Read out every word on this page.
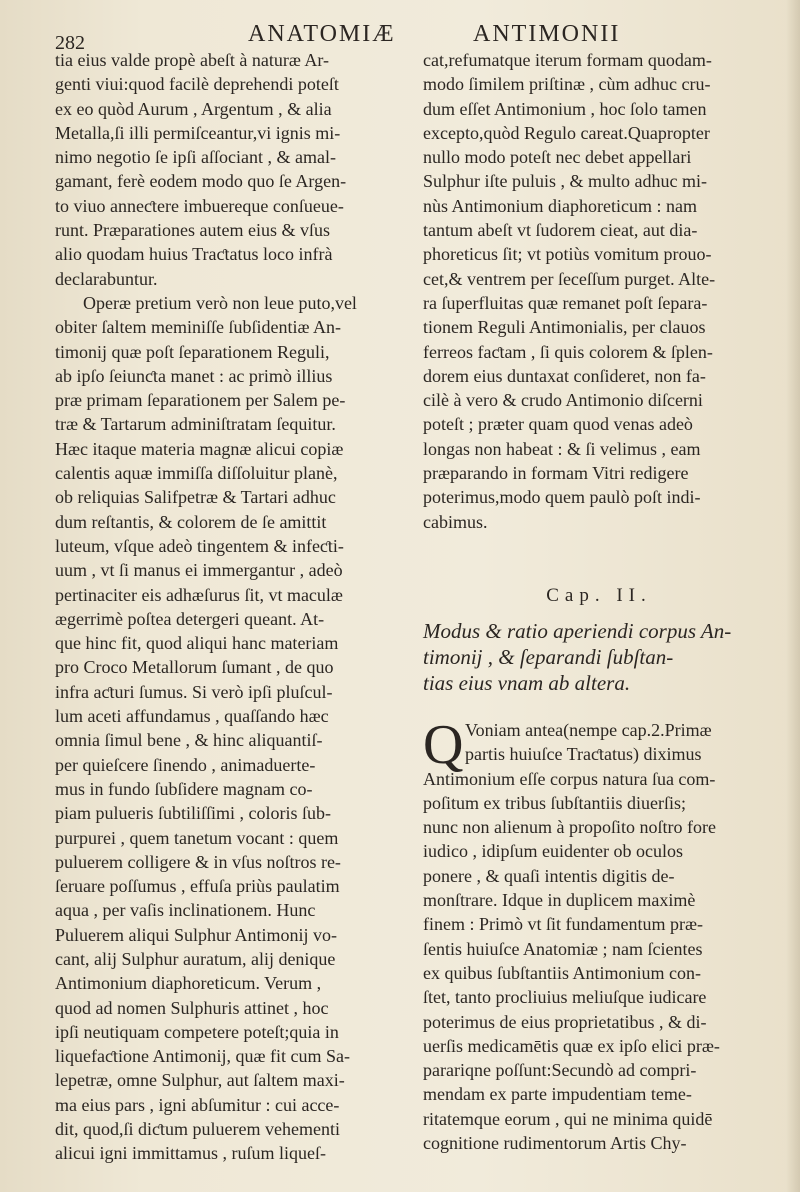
282	ANATOMIÆ	ANTIMONII
tia eius valde propè abeſt à naturæ Ar-
genti viui:quod facilè deprehendi poteſt
ex eo quòd Aurum , Argentum , & alia
Metalla,ſi illi permiſceantur,vi ignis mi-
nimo negotio ſe ipſi aſſociant , & amal-
gamant, ferè eodem modo quo ſe Argen-
to viuo anneƈtere imbuereque conſueue-
runt. Præparationes autem eius & vſus
alio quodam huius Traƈtatus loco infrà
declarabuntur.
Operæ pretium verò non leue puto,vel
obiter ſaltem meminiſſe ſubſidentiæ An-
timonij quæ poſt ſeparationem Reguli,
ab ipſo ſeiunƈta manet : ac primò illius
præ primam ſeparationem per Salem pe-
træ & Tartarum adminiſtratam ſequitur.
Hæc itaque materia magnæ alicui copiæ
calentis aquæ immiſſa diſſoluitur planè,
ob reliquias Salifpetræ & Tartari adhuc
dum reſtantis, & colorem de ſe amittit
luteum, vſque adeò tingentem & infeƈti-
uum , vt ſi manus ei immergantur , adeò
pertinaciter eis adhæſurus ſit, vt maculæ
ægerrimè poſtea detergeri queant. At-
que hinc fit, quod aliqui hanc materiam
pro Croco Metallorum ſumant , de quo
infra aƈturi ſumus. Si verò ipſi pluſcul-
lum aceti affundamus , quaſſando hæc
omnia ſimul bene , & hinc aliquantiſ-
per quieſcere ſinendo , animaduerte-
mus in fundo ſubſidere magnam co-
piam pulueris ſubtiliſſimi , coloris ſub-
purpurei , quem tanetum vocant : quem
puluerem colligere & in vſus noſtros re-
ſeruare poſſumus , effuſa priùs paulatim
aqua , per vaſis inclinationem. Hunc
Puluerem aliqui Sulphur Antimonij vo-
cant, alij Sulphur auratum, alij denique
Antimonium diaphoreticum. Verum ,
quod ad nomen Sulphuris attinet , hoc
ipſi neutiquam competere poteſt;quia in
liquefaƈtione Antimonij, quæ fit cum Sa-
lepetræ, omne Sulphur, aut ſaltem maxi-
ma eius pars , igni abſumitur : cui acce-
dit, quod,ſi diƈtum puluerem vehementi
alicui igni immittamus , ruſum liqueſ-
cat,refumatque iterum formam quodam-
modo ſimilem priſtinæ , cùm adhuc cru-
dum eſſet Antimonium , hoc ſolo tamen
excepto,quòd Regulo careat.Quapropter
nullo modo poteſt nec debet appellari
Sulphur iſte puluis , & multo adhuc mi-
nùs Antimonium diaphoreticum : nam
tantum abeſt vt ſudorem cieat, aut dia-
phoreticus ſit; vt potiùs vomitum prouo-
cet,& ventrem per ſeceſſum purget. Alte-
ra ſuperfluitas quæ remanet poſt ſepara-
tionem Reguli Antimonialis, per clauos
ferreos faƈtam , ſi quis colorem & ſplen-
dorem eius duntaxat conſideret, non fa-
cilè à vero & crudo Antimonio diſcerni
poteſt ; præter quam quod venas adeò
longas non habeat : & ſi velimus , eam
præparando in formam Vitri redigere
poterimus,modo quem paulò poſt indi-
cabimus.
Cap. II.
Modus & ratio aperiendi corpus An-
timonij , & ſeparandi ſubſtan-
tias eius vnam ab altera.
Q Voniam antea(nempe cap.2.Primæ
partis huiuſce Traƈtatus) diximus
Antimonium eſſe corpus natura ſua com-
poſitum ex tribus ſubſtantiis diuerſis;
nunc non alienum à propoſito noſtro fore
iudico , idipſum euidenter ob oculos
ponere , & quaſi intentis digitis de-
monſtrare. Idque in duplicem maximè
finem : Primò vt ſit fundamentum præ-
ſentis huiuſce Anatomiæ ; nam ſcientes
ex quibus ſubſtantiis Antimonium con-
ſtet, tanto procliuius meliuſque iudicare
poterimus de eius proprietatibus , & di-
uerſis medicamētis quæ ex ipſo elici præ-
parariqne poſſunt:Secundò ad compri-
mendam ex parte impudentiam teme-
ritatemque eorum , qui ne minima quidē
cognitione rudimentorum Artis Chy-
